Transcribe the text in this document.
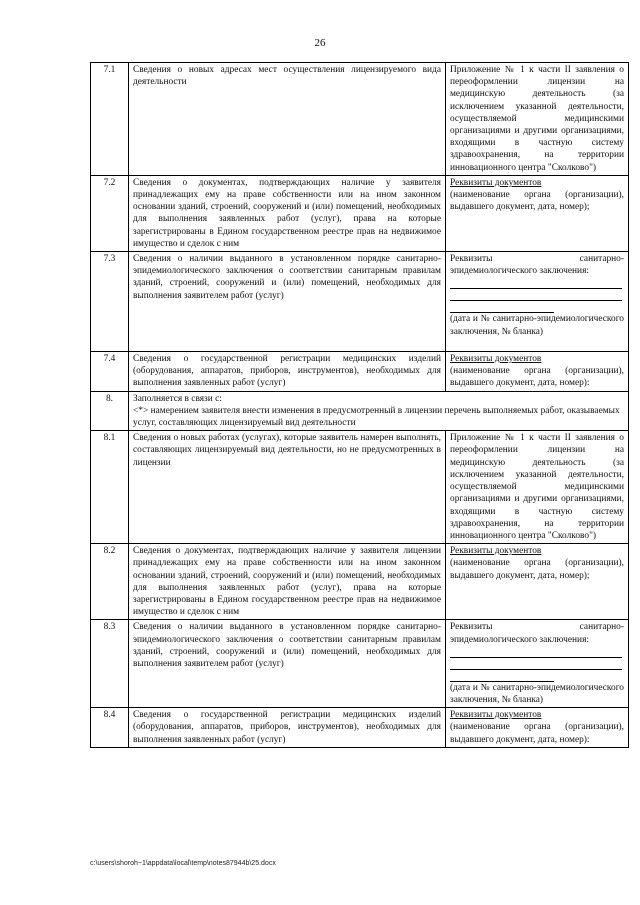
26
7.1	Сведения о новых адресах мест осуществления лицензируемого вида деятельности	Приложение № 1 к части II заявления о переоформлении лицензии на медицинскую деятельность (за исключением указанной деятельности, осуществляемой медицинскими организациями и другими организациями, входящими в частную систему здравоохранения, на территории инновационного центра "Сколково")
7.2	Сведения о документах, подтверждающих наличие у заявителя принадлежащих ему на праве собственности или на ином законном основании зданий, строений, сооружений и (или) помещений, необходимых для выполнения заявленных работ (услуг), права на которые зарегистрированы в Едином государственном реестре прав на недвижимое имущество и сделок с ним	Реквизиты документов
(наименование органа (организации), выдавшего документ, дата, номер);
7.3	Сведения о наличии выданного в установленном порядке санитарно-эпидемиологического заключения о соответствии санитарным правилам зданий, строений, сооружений и (или) помещений, необходимых для выполнения заявителем работ (услуг)	Реквизиты санитарно-эпидемиологического заключения:
(дата и № санитарно-эпидемиологического заключения, № бланка)

7.4	Сведения о государственной регистрации медицинских изделий (оборудования, аппаратов, приборов, инструментов), необходимых для выполнения заявленных работ (услуг)	Реквизиты документов
(наименование органа (организации), выдавшего документ, дата, номер):
8.	Заполняется в связи с:
<*> намерением заявителя внести изменения в предусмотренный в лицензии перечень выполняемых работ, оказываемых услуг, составляющих лицензируемый вид деятельности	
8.1	Сведения о новых работах (услугах), которые заявитель намерен выполнять, составляющих лицензируемый вид деятельности, но не предусмотренных в лицензии	Приложение № 1 к части II заявления о переоформлении лицензии на медицинскую деятельность (за исключением указанной деятельности, осуществляемой медицинскими организациями и другими организациями, входящими в частную систему здравоохранения, на территории инновационного центра "Сколково")
8.2	Сведения о документах, подтверждающих наличие у заявителя лицензии принадлежащих ему на праве собственности или на ином законном основании зданий, строений, сооружений и (или) помещений, необходимых для выполнения заявленных работ (услуг), права на которые зарегистрированы в Едином государственном реестре прав на недвижимое имущество и сделок с ним	Реквизиты документов
(наименование органа (организации), выдавшего документ, дата, номер);
8.3	Сведения о наличии выданного в установленном порядке санитарно-эпидемиологического заключения о соответствии санитарным правилам зданий, строений, сооружений и (или) помещений, необходимых для выполнения заявителем работ (услуг)	Реквизиты санитарно-эпидемиологического заключения:
(дата и № санитарно-эпидемиологического заключения, № бланка)
8.4	Сведения о государственной регистрации медицинских изделий (оборудования, аппаратов, приборов, инструментов), необходимых для выполнения заявленных работ (услуг)	Реквизиты документов
(наименование органа (организации), выдавшего документ, дата, номер):
c:\users\shoroh~1\appdata\local\temp\notes87944b\25.docx
